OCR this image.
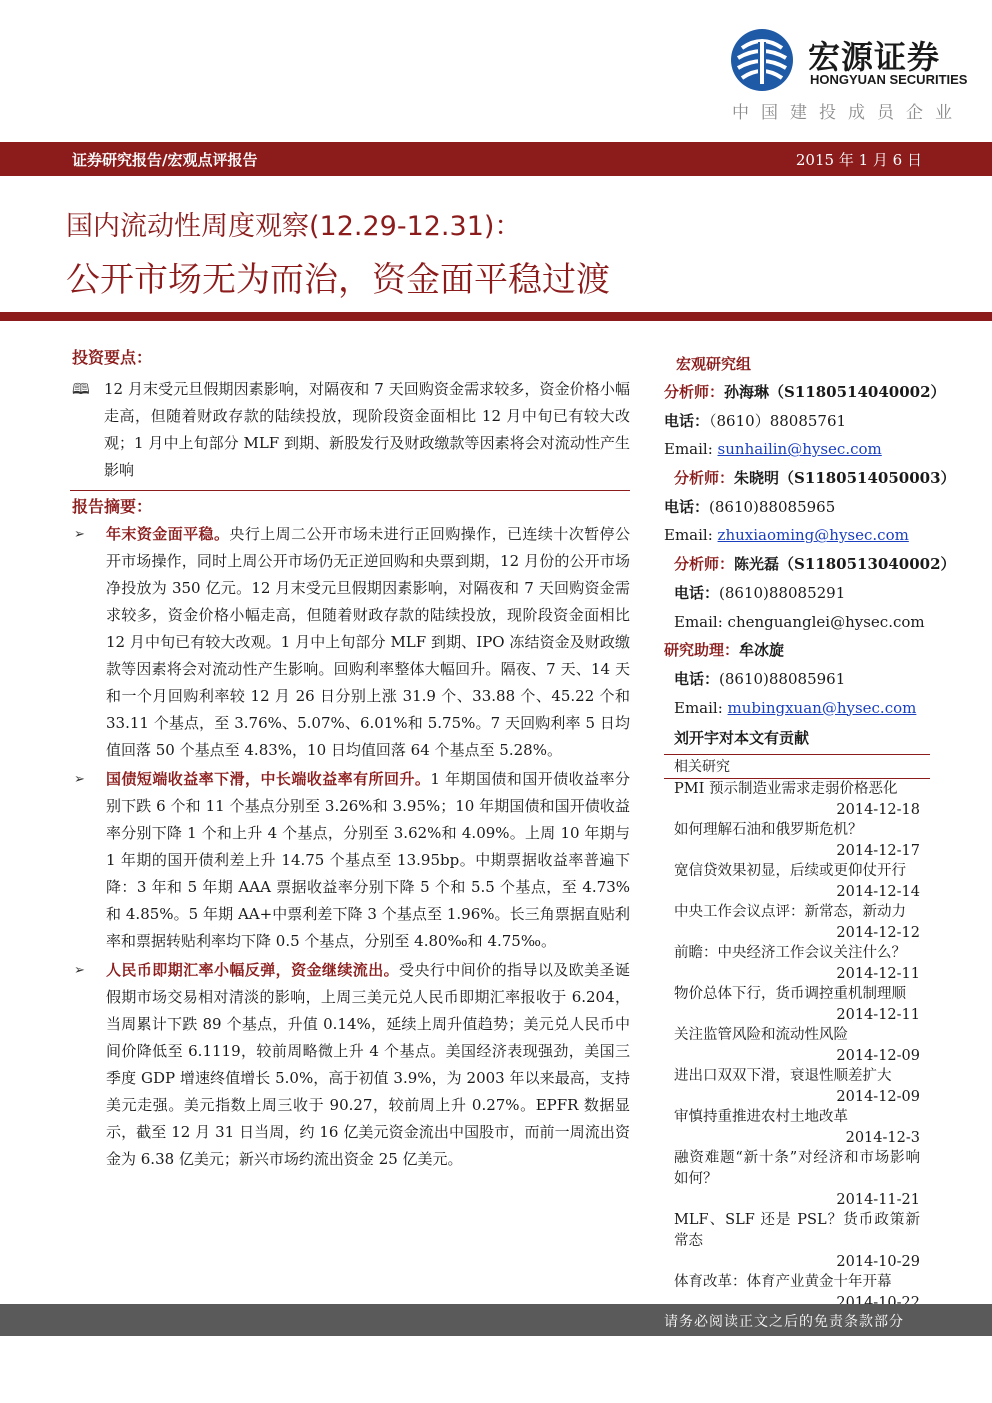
宏源证券
HONGYUAN SECURITIES
中国建投成员企业
证券研究报告/宏观点评报告	2015 年 1 月 6 日
国内流动性周度观察(12.29-12.31)：
公开市场无为而治，资金面平稳过渡
投资要点：
🕮 12 月末受元旦假期因素影响，对隔夜和 7 天回购资金需求较多，资金价格小幅走高，但随着财政存款的陆续投放，现阶段资金面相比 12 月中旬已有较大改观；1 月中上旬部分 MLF 到期、新股发行及财政缴款等因素将会对流动性产生影响
报告摘要：
➢	年末资金面平稳。央行上周二公开市场未进行正回购操作，已连续十次暂停公开市场操作，同时上周公开市场仍无正逆回购和央票到期，12 月份的公开市场净投放为 350 亿元。12 月末受元旦假期因素影响，对隔夜和 7 天回购资金需求较多，资金价格小幅走高，但随着财政存款的陆续投放，现阶段资金面相比 12 月中旬已有较大改观。1 月中上旬部分 MLF 到期、IPO 冻结资金及财政缴款等因素将会对流动性产生影响。回购利率整体大幅回升。隔夜、7 天、14 天和一个月回购利率较 12 月 26 日分别上涨 31.9 个、33.88 个、45.22 个和 33.11 个基点，至 3.76%、5.07%、6.01%和 5.75%。7 天回购利率 5 日均值回落 50 个基点至 4.83%，10 日均值回落 64 个基点至 5.28%。
➢	国债短端收益率下滑，中长端收益率有所回升。1 年期国债和国开债收益率分别下跌 6 个和 11 个基点分别至 3.26%和 3.95%；10 年期国债和国开债收益率分别下降 1 个和上升 4 个基点，分别至 3.62%和 4.09%。上周 10 年期与 1 年期的国开债利差上升 14.75 个基点至 13.95bp。中期票据收益率普遍下降：3 年和 5 年期 AAA 票据收益率分别下降 5 个和 5.5 个基点，至 4.73%和 4.85%。5 年期 AA+中票利差下降 3 个基点至 1.96%。长三角票据直贴利率和票据转贴利率均下降 0.5 个基点，分别至 4.80‰和 4.75‰。
➢	人民币即期汇率小幅反弹，资金继续流出。受央行中间价的指导以及欧美圣诞假期市场交易相对清淡的影响，上周三美元兑人民币即期汇率报收于 6.204，当周累计下跌 89 个基点，升值 0.14%，延续上周升值趋势；美元兑人民币中间价降低至 6.1119，较前周略微上升 4 个基点。美国经济表现强劲，美国三季度 GDP 增速终值增长 5.0%，高于初值 3.9%，为 2003 年以来最高，支持美元走强。美元指数上周三收于 90.27，较前周上升 0.27%。EPFR 数据显示，截至 12 月 31 日当周，约 16 亿美元资金流出中国股市，而前一周流出资金为 6.38 亿美元；新兴市场约流出资金 25 亿美元。
宏观研究组
分析师：孙海琳（S1180514040002）
电话：（8610）88085761
Email: sunhailin@hysec.com
分析师：朱晓明（S1180514050003）
电话：(8610)88085965
Email: zhuxiaoming@hysec.com
分析师：陈光磊（S1180513040002）
电话：(8610)88085291
Email: chenguanglei@hysec.com
研究助理：牟冰旋
电话：(8610)88085961
Email: mubingxuan@hysec.com
刘开宇对本文有贡献
相关研究
PMI 预示制造业需求走弱价格恶化
2014-12-18
如何理解石油和俄罗斯危机？
2014-12-17
宽信贷效果初显，后续或更仰仗开行
2014-12-14
中央工作会议点评：新常态，新动力
2014-12-12
前瞻：中央经济工作会议关注什么？
2014-12-11
物价总体下行，货币调控重机制理顺
2014-12-11
关注监管风险和流动性风险
2014-12-09
进出口双双下滑，衰退性顺差扩大
2014-12-09
审慎持重推进农村土地改革
2014-12-3
融资难题“新十条”对经济和市场影响如何？
2014-11-21
MLF、SLF 还是 PSL？货币政策新常态
2014-10-29
体育改革：体育产业黄金十年开幕
请务必阅读正文之后的免责条款部分
